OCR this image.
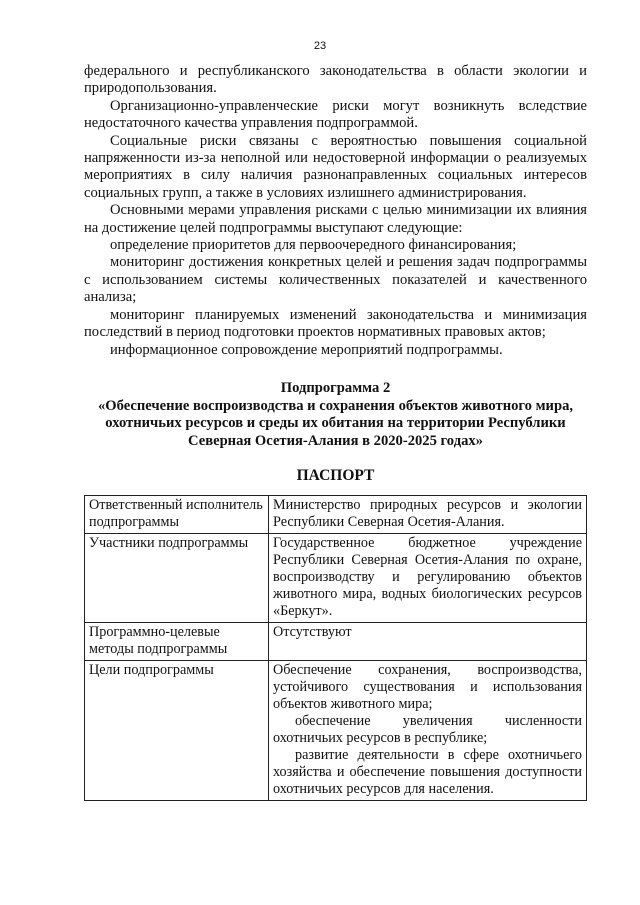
23

федерального и республиканского законодательства в области экологии и природопользования.

Организационно-управленческие риски могут возникнуть вследствие недостаточного качества управления подпрограммой.

Социальные риски связаны с вероятностью повышения социальной напряженности из-за неполной или недостоверной информации о реализуемых мероприятиях в силу наличия разнонаправленных социальных интересов социальных групп, а также в условиях излишнего администрирования.

Основными мерами управления рисками с целью минимизации их влияния на достижение целей подпрограммы выступают следующие:

определение приоритетов для первоочередного финансирования;

мониторинг достижения конкретных целей и решения задач подпрограммы с использованием системы количественных показателей и качественного анализа;

мониторинг планируемых изменений законодательства и минимизация последствий в период подготовки проектов нормативных правовых актов;

информационное сопровождение мероприятий подпрограммы.

Подпрограмма 2
«Обеспечение воспроизводства и сохранения объектов животного мира,
охотничьих ресурсов и среды их обитания на территории Республики
Северная Осетия-Алания в 2020-2025 годах»
ПАСПОРТ
Ответственный исполнитель подпрограммы	Министерство природных ресурсов и экологии Республики Северная Осетия-Алания.

Участники подпрограммы	Государственное бюджетное учреждение Республики Северная Осетия-Алания по охране, воспроизводству и регулированию объектов животного мира, водных биологических ресурсов «Беркут».

Программно-целевые методы подпрограммы	Отсутствуют

Цели подпрограммы	Обеспечение сохранения, воспроизводства, устойчивого существования и использования объектов животного мира;

обеспечение увеличения численности охотничьих ресурсов в республике;

развитие деятельности в сфере охотничьего хозяйства и обеспечение повышения доступности охотничьих ресурсов для населения.
